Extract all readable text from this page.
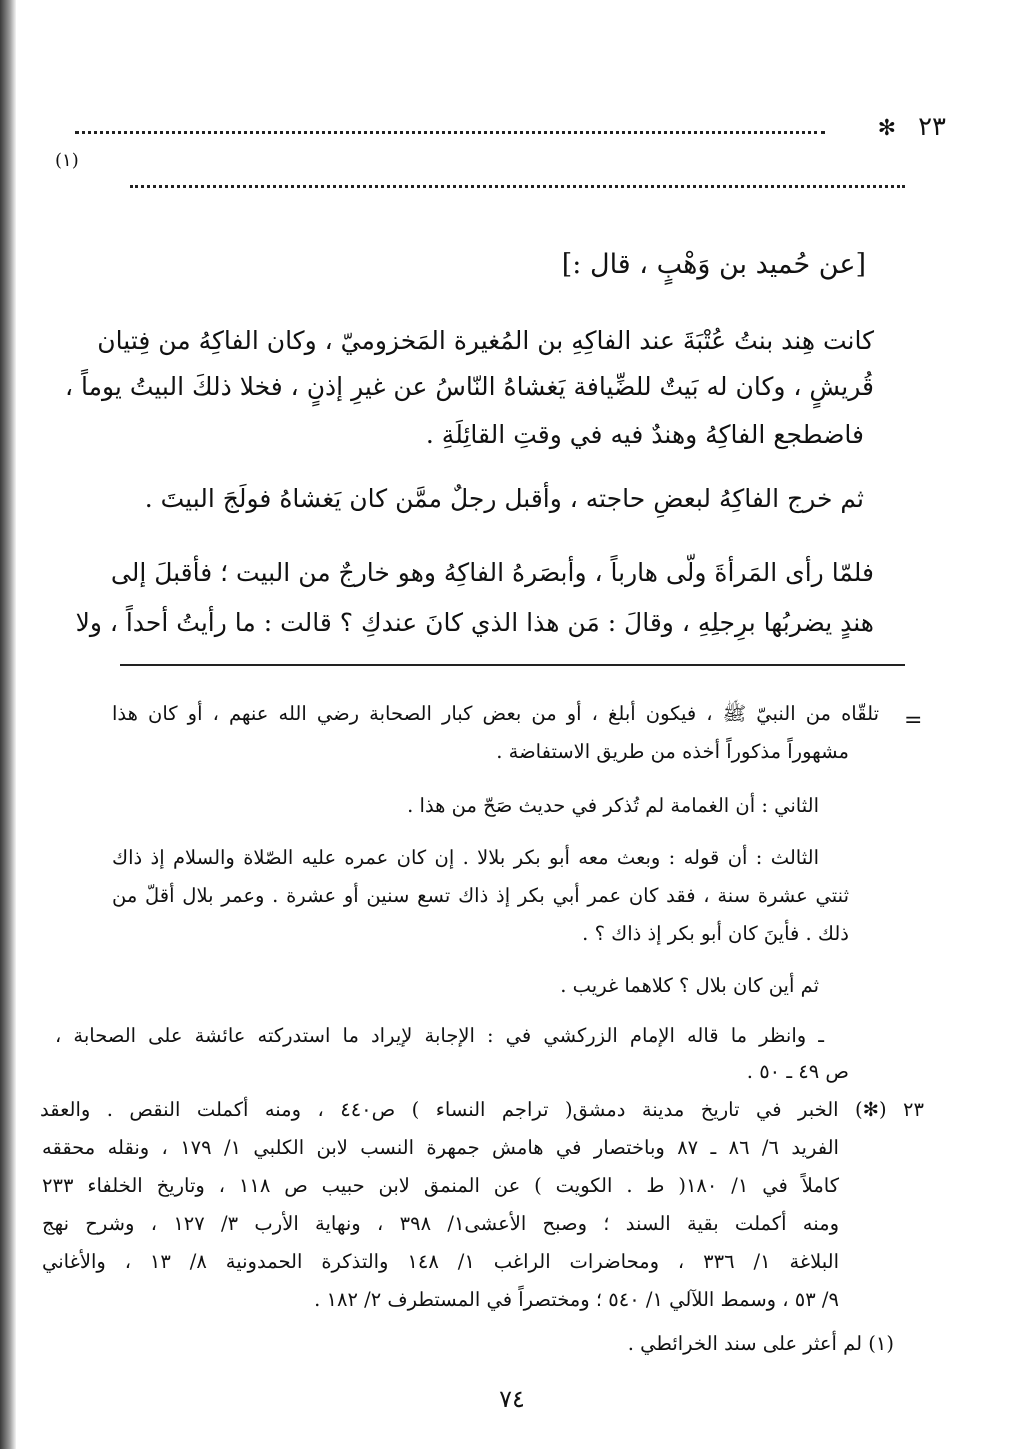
٢٣
✻
(١)
[عن حُميد بن وَهْبٍ ، قال :]
كانت هِند بنتُ عُتْبَةَ عند الفاكِهِ بن المُغيرة المَخزوميّ ، وكان الفاكِهُ من فِتيان
قُريشٍ ، وكان له بَيتٌ للضِّيافة يَغشاهُ النّاسُ عن غيرِ إذنٍ ، فخلا ذلكَ البيتُ يوماً ،
فاضطجع الفاكِهُ وهندٌ فيه في وقتِ القائِلَةِ .
ثم خرج الفاكِهُ لبعضِ حاجته ، وأقبل رجلٌ ممَّن كان يَغشاهُ فولَجَ البيتَ .
فلمّا رأى المَرأةَ ولّى هارباً ، وأبصَرهُ الفاكِهُ وهو خارجٌ من البيت ؛ فأقبلَ إلى
هندٍ يضربُها برِجلِهِ ، وقالَ : مَن هذا الذي كانَ عندكِ ؟ قالت : ما رأيتُ أحداً ، ولا
=
تلقّاه من النبيّ ﷺ ، فيكون أبلغ ، أو من بعض كبار الصحابة رضي الله عنهم ، أو كان هذا
مشهوراً مذكوراً أخذه من طريق الاستفاضة .
الثاني : أن الغمامة لم تُذكر في حديث صَحّ من هذا .
الثالث : أن قوله : وبعث معه أبو بكر بلالا . إن كان عمره عليه الصّلاة والسلام إذ ذاك
ثنتي عشرة سنة ، فقد كان عمر أبي بكر إذ ذاك تسع سنين أو عشرة . وعمر بلال أقلّ من
ذلك . فأينَ كان أبو بكر إذ ذاك ؟ .
ثم أين كان بلال ؟ كلاهما غريب .
ـ وانظر ما قاله الإمام الزركشي في : الإجابة لإيراد ما استدركته عائشة على الصحابة ،
ص ٤٩ ـ ٥٠ .
٢٣ (✻) الخبر في تاريخ مدينة دمشق( تراجم النساء ) ص٤٤٠ ، ومنه أكملت النقص . والعقد
الفريد ٦/ ٨٦ ـ ٨٧ وباختصار في هامش جمهرة النسب لابن الكلبي ١/ ١٧٩ ، ونقله محققه
كاملاً في ١/ ١٨٠( ط . الكويت ) عن المنمق لابن حبيب ص ١١٨ ، وتاريخ الخلفاء ٢٣٣
ومنه أكملت بقية السند ؛ وصبح الأعشى١/ ٣٩٨ ، ونهاية الأرب ٣/ ١٢٧ ، وشرح نهج
البلاغة ١/ ٣٣٦ ، ومحاضرات الراغب ١/ ١٤٨ والتذكرة الحمدونية ٨/ ١٣ ، والأغاني
٩/ ٥٣ ، وسمط اللآلي ١/ ٥٤٠ ؛ ومختصراً في المستطرف ٢/ ١٨٢ .
(١) لم أعثر على سند الخرائطي .
٧٤
